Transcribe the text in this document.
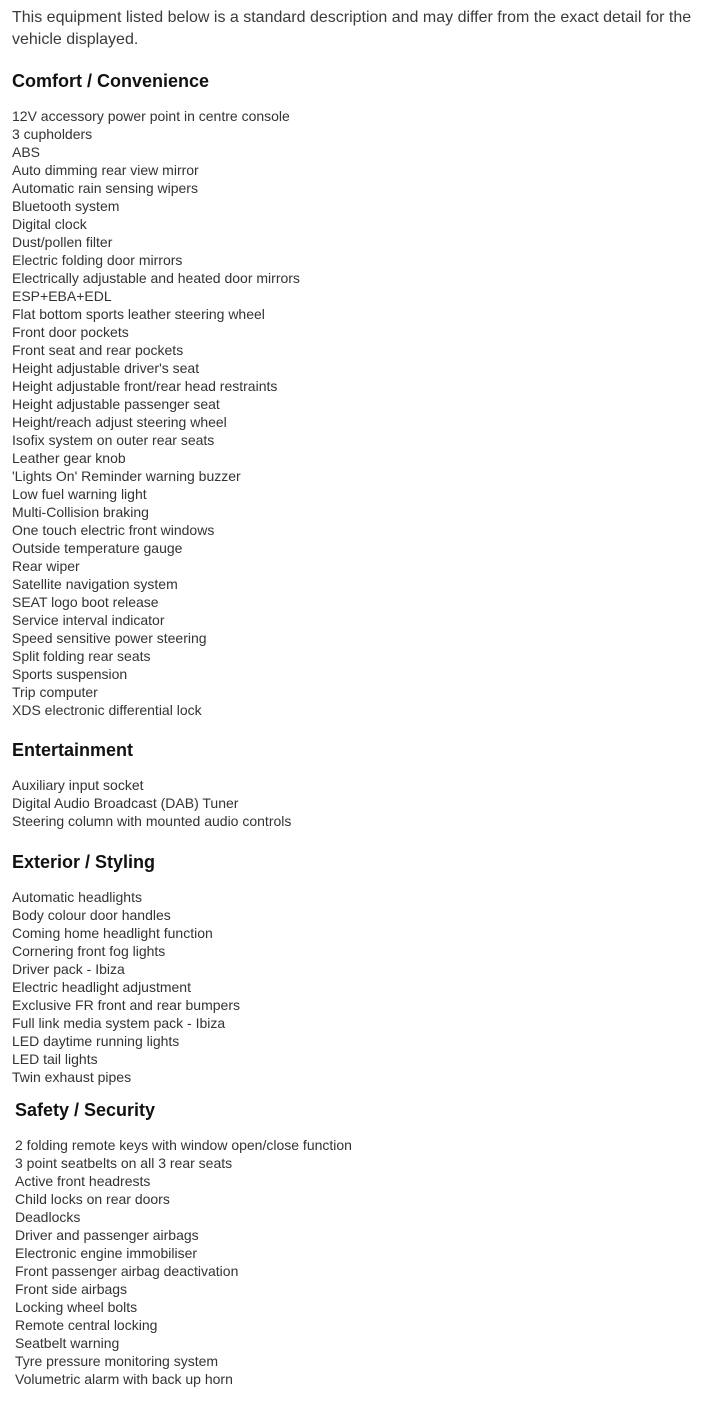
This equipment listed below is a standard description and may differ from the exact detail for the vehicle displayed.

Comfort / Convenience
12V accessory power point in centre console
3 cupholders
ABS
Auto dimming rear view mirror
Automatic rain sensing wipers
Bluetooth system
Digital clock
Dust/pollen filter
Electric folding door mirrors
Electrically adjustable and heated door mirrors
ESP+EBA+EDL
Flat bottom sports leather steering wheel
Front door pockets
Front seat and rear pockets
Height adjustable driver's seat
Height adjustable front/rear head restraints
Height adjustable passenger seat
Height/reach adjust steering wheel
Isofix system on outer rear seats
Leather gear knob
'Lights On' Reminder warning buzzer
Low fuel warning light
Multi-Collision braking
One touch electric front windows
Outside temperature gauge
Rear wiper
Satellite navigation system
SEAT logo boot release
Service interval indicator
Speed sensitive power steering
Split folding rear seats
Sports suspension
Trip computer
XDS electronic differential lock
Entertainment
Auxiliary input socket
Digital Audio Broadcast (DAB) Tuner
Steering column with mounted audio controls
Exterior / Styling
Automatic headlights
Body colour door handles
Coming home headlight function
Cornering front fog lights
Driver pack - Ibiza
Electric headlight adjustment
Exclusive FR front and rear bumpers
Full link media system pack - Ibiza
LED daytime running lights
LED tail lights
Twin exhaust pipes
Safety / Security
2 folding remote keys with window open/close function
3 point seatbelts on all 3 rear seats
Active front headrests
Child locks on rear doors
Deadlocks
Driver and passenger airbags
Electronic engine immobiliser
Front passenger airbag deactivation
Front side airbags
Locking wheel bolts
Remote central locking
Seatbelt warning
Tyre pressure monitoring system
Volumetric alarm with back up horn
